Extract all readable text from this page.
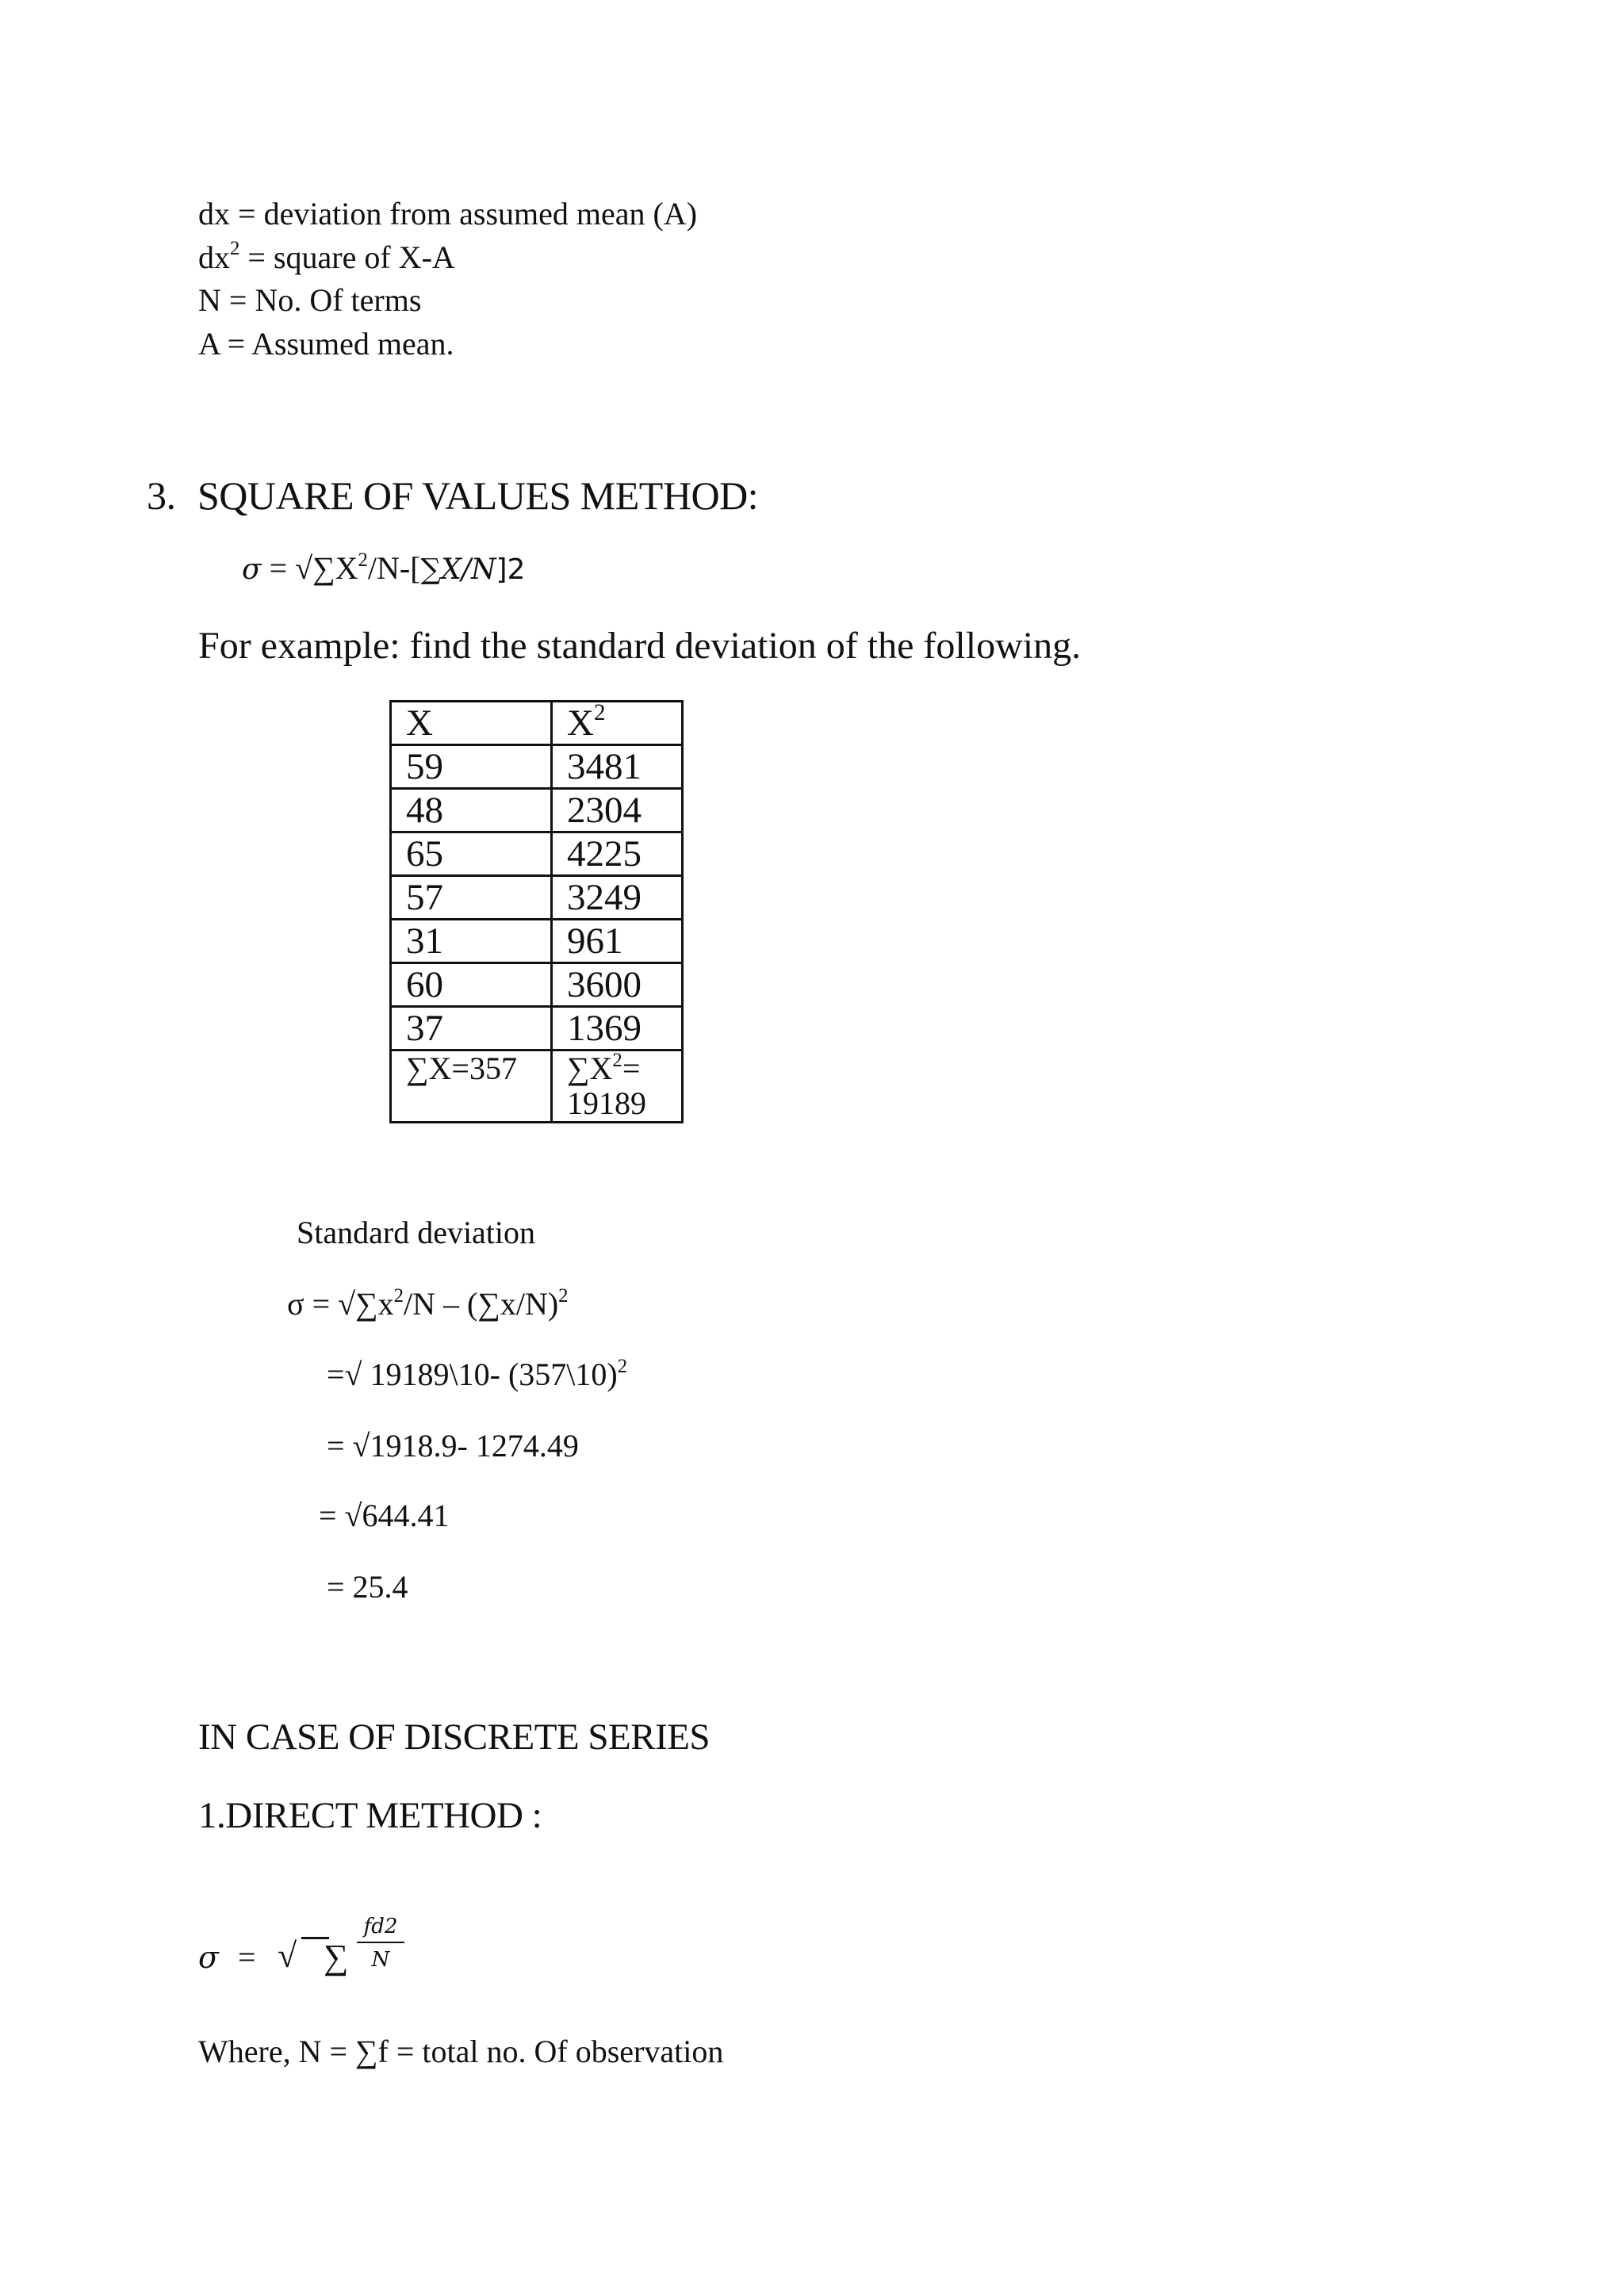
dx = deviation from assumed mean (A)
$dx^2$ = square of X-A
N = No. Of terms
A = Assumed mean.
3. SQUARE OF VALUES METHOD:
$\sigma = √\sum X^2/N-[\sum X/N]2$
For example: find the standard deviation of the following.
X	$X^2$
59	3481
48	2304
65	4225
57	3249
31	961
60	3600
37	1369
∑X=357	$\sum X^2=$
19189
Standard deviation
$\sigma = √\sum x^2/N - (\sum x/N)^2$
=√ 19189\10- (357\10)$^2$
= √1918.9- 1274.49
= √644.41
= 25.4
IN CASE OF DISCRETE SERIES
1.DIRECT METHOD :
σ = √ ∑ $\frac{fd2}{N}$
Where, N = ∑f = total no. Of observation
